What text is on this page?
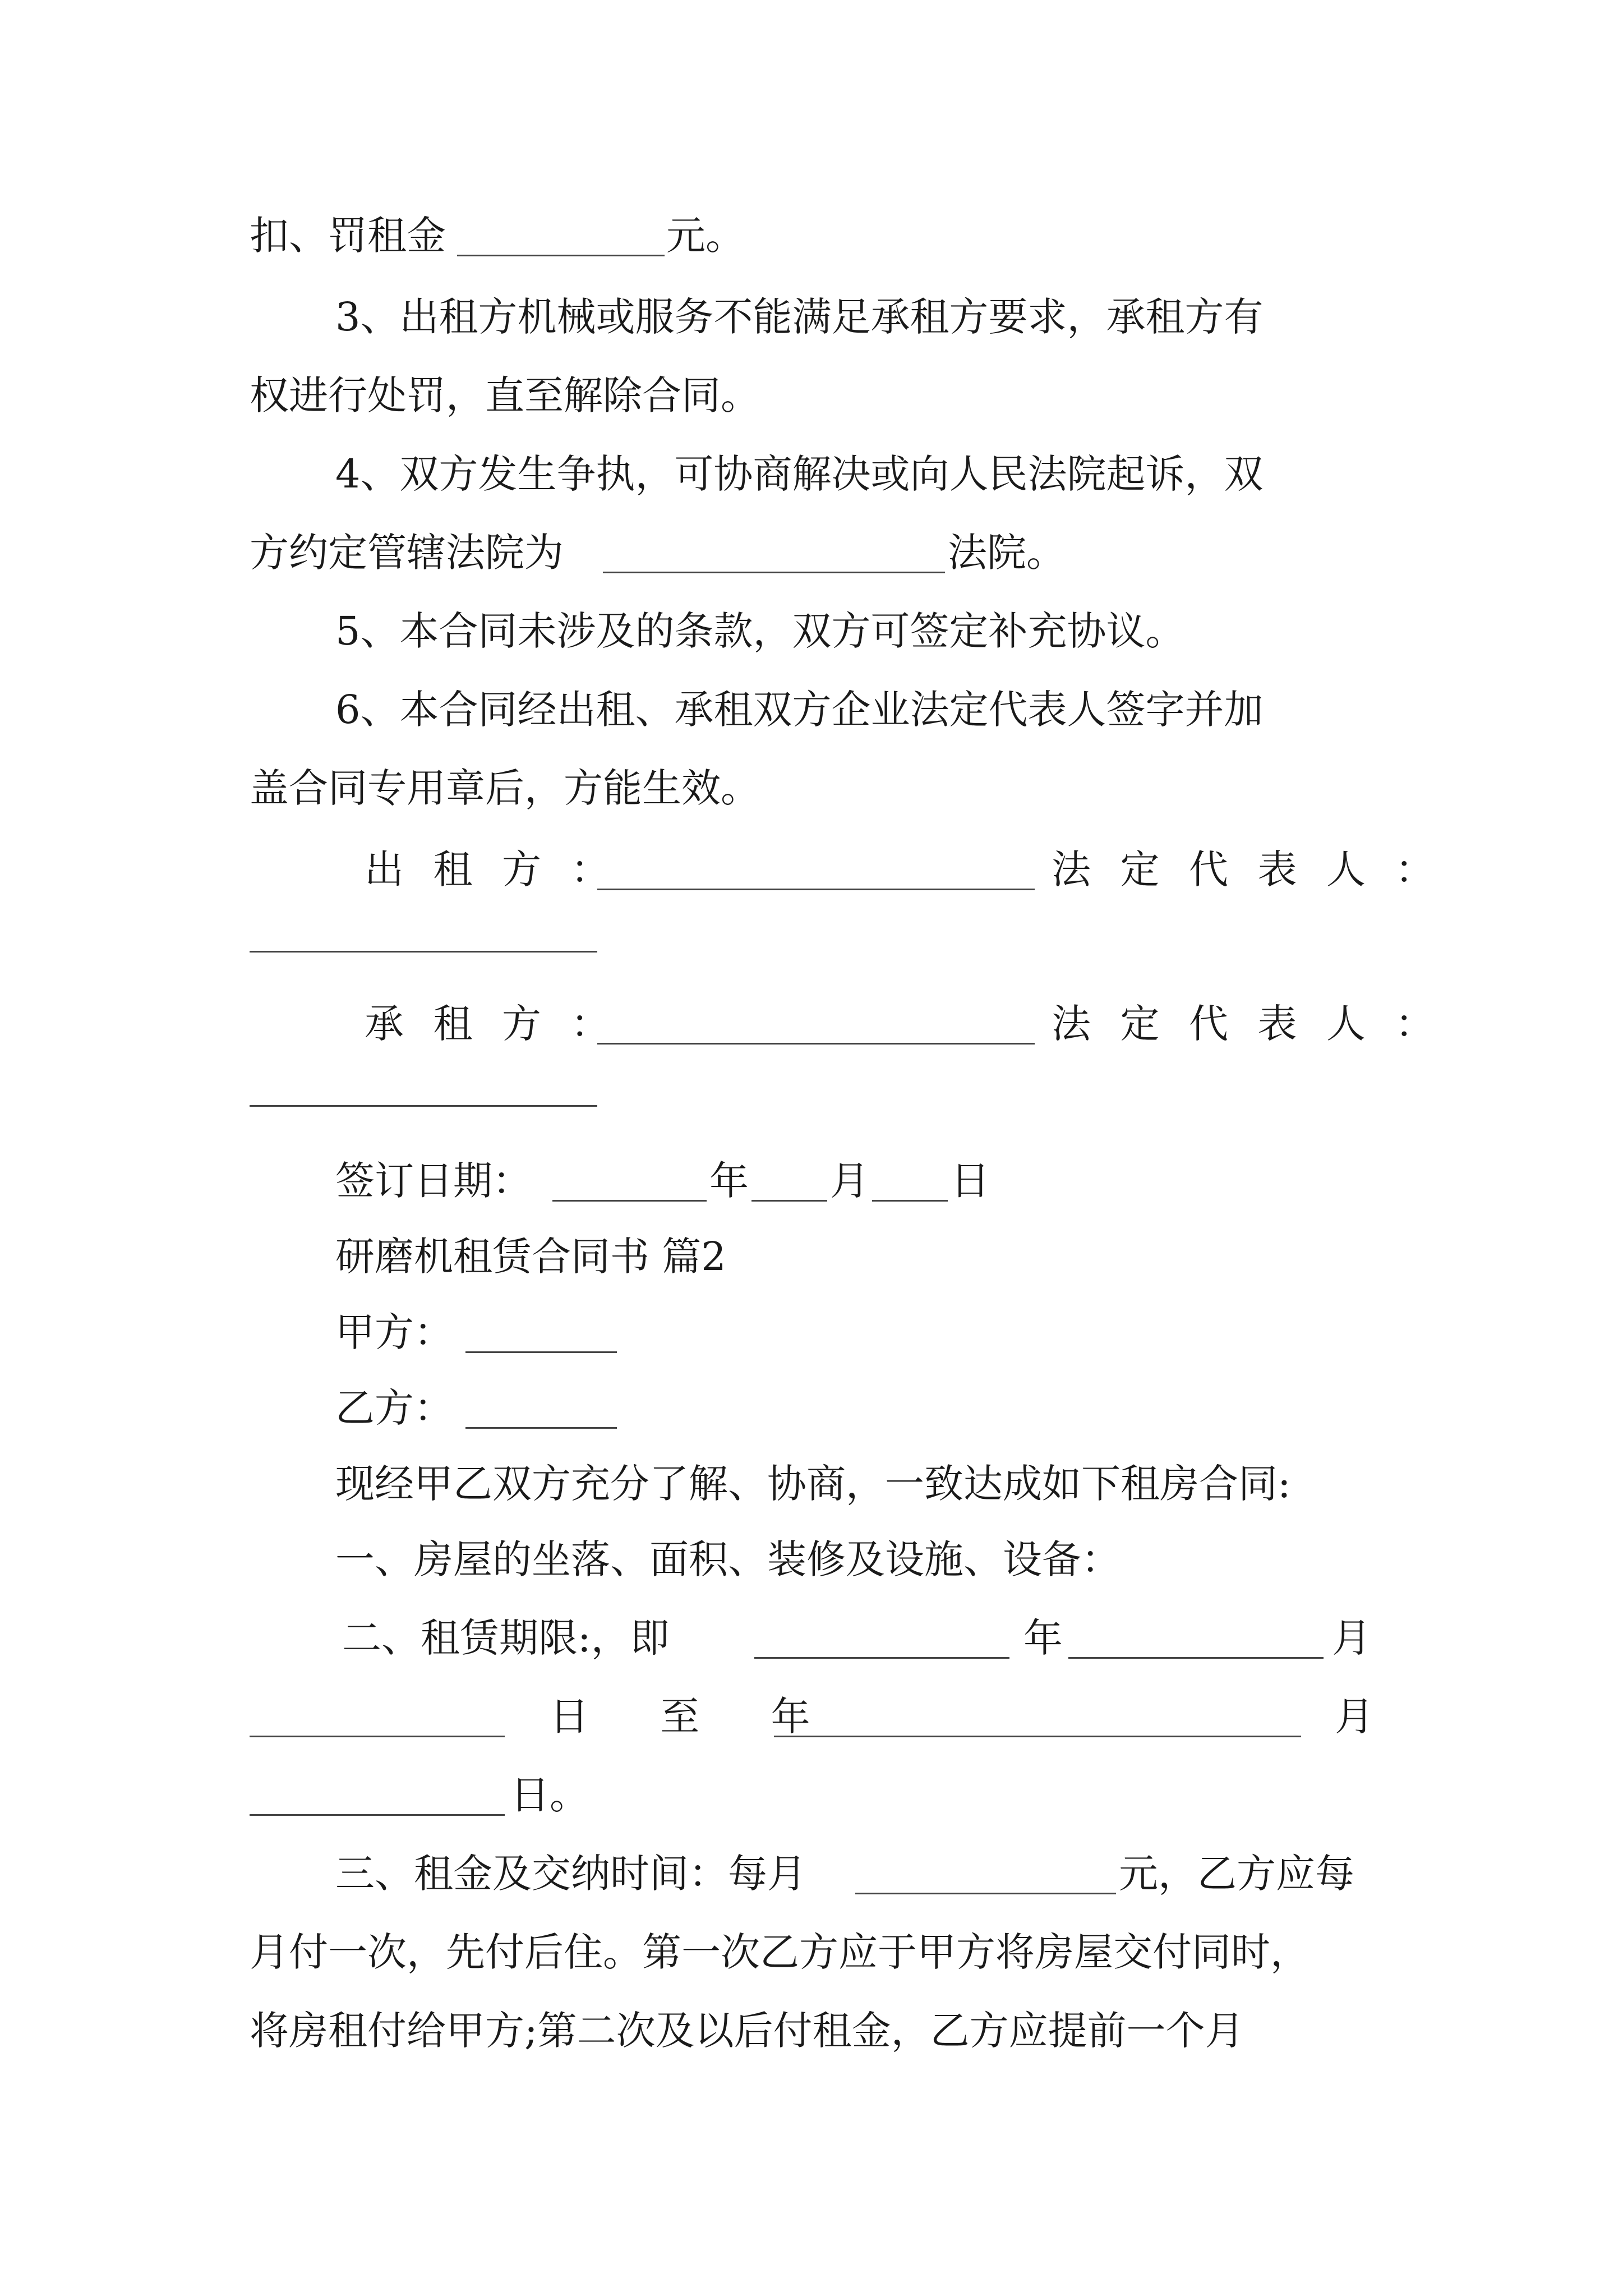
扣、罚租金	元。
3、出租方机械或服务不能满足承租方要求，承租方有
权进行处罚，直至解除合同。
4、双方发生争执，可协商解决或向人民法院起诉，双
方约定管辖法院为	法院。
5、本合同未涉及的条款，双方可签定补充协议。
6、本合同经出租、承租双方企业法定代表人签字并加
盖合同专用章后，方能生效。
出租方：	法定代表人：
承租方：	法定代表人：
签订日期：	年 月 日
研磨机租赁合同书 篇2
甲方：
乙方：
现经甲乙双方充分了解、协商，一致达成如下租房合同:
一、房屋的坐落、面积、装修及设施、设备：
二、租赁期限:，即	年	月
日 至 年	月
日。
三、租金及交纳时间：每月	元，乙方应每
月付一次，先付后住。第一次乙方应于甲方将房屋交付同时，
将房租付给甲方;第二次及以后付租金，乙方应提前一个月
